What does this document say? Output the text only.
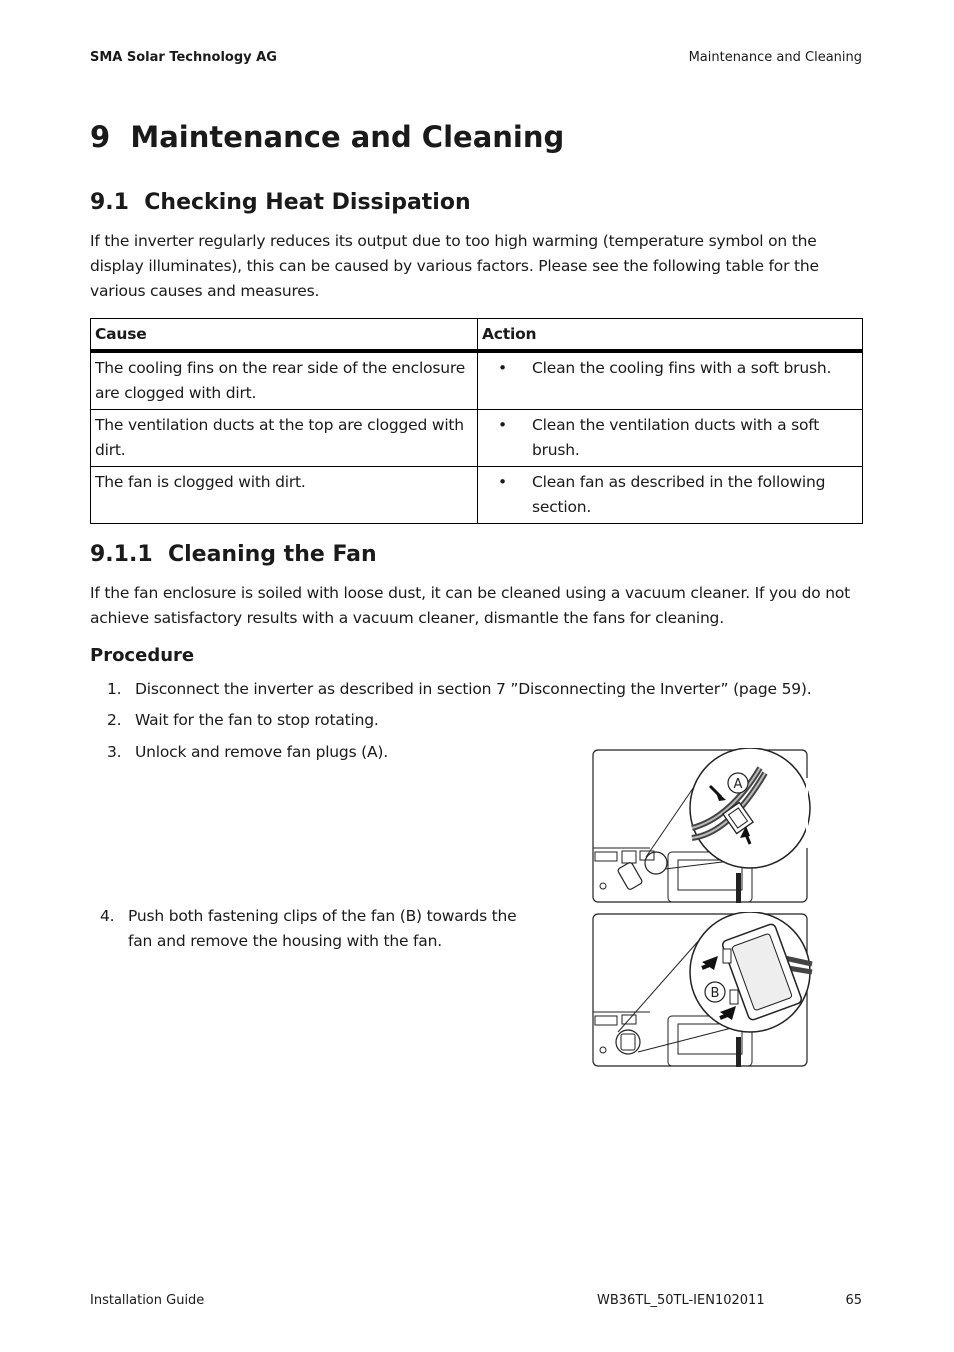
SMA Solar Technology AG	Maintenance and Cleaning
9  Maintenance and Cleaning
9.1  Checking Heat Dissipation

If the inverter regularly reduces its output due to too high warming (temperature symbol on the display illuminates), this can be caused by various factors. Please see the following table for the various causes and measures.

Cause	Action
The cooling fins on the rear side of the enclosure are clogged with dirt.	• Clean the cooling fins with a soft brush.

The ventilation ducts at the top are clogged with dirt.	• Clean the ventilation ducts with a soft brush.

The fan is clogged with dirt.	• Clean fan as described in the following section.
9.1.1  Cleaning the Fan

If the fan enclosure is soiled with loose dust, it can be cleaned using a vacuum cleaner. If you do not achieve satisfactory results with a vacuum cleaner, dismantle the fans for cleaning.

Procedure
1. Disconnect the inverter as described in section 7 ”Disconnecting the Inverter” (page 59).
2. Wait for the fan to stop rotating.
3. Unlock and remove fan plugs (A).
4. Push both fastening clips of the fan (B) towards the fan and remove the housing with the fan.
A
B
Installation Guide	WB36TL_50TL-IEN102011	65
